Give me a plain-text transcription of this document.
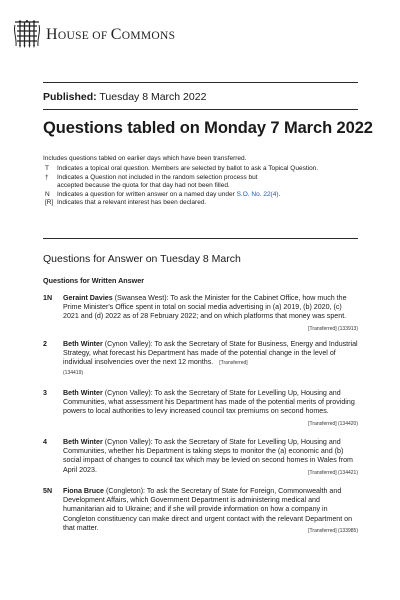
HOUSE OF COMMONS
Published: Tuesday 8 March 2022
Questions tabled on Monday 7 March 2022
Includes questions tabled on earlier days which have been transferred.
T	Indicates a topical oral question. Members are selected by ballot to ask a Topical Question.
†	Indicates a Question not included in the random selection process but
accepted because the quota for that day had not been filled.
N	Indicates a question for written answer on a named day under S.O. No. 22(4).
[R] Indicates that a relevant interest has been declared.
Questions for Answer on Tuesday 8 March
Questions for Written Answer
1N	Geraint Davies (Swansea West): To ask the Minister for the Cabinet Office, how much the Prime Minister's Office spent in total on social media advertising in (a) 2019, (b) 2020, (c) 2021 and (d) 2022 as of 28 February 2022; and on which platforms that money was spent.
[Transferred] (133913)
2	Beth Winter (Cynon Valley): To ask the Secretary of State for Business, Energy and Industrial Strategy, what forecast his Department has made of the potential change in the level of individual insolvencies over the next 12 months. [Transferred]
(134419)
3	Beth Winter (Cynon Valley): To ask the Secretary of State for Levelling Up, Housing and Communities, what assessment his Department has made of the potential merits of providing powers to local authorities to levy increased council tax premiums on second homes.
[Transferred] (134420)
4	Beth Winter (Cynon Valley): To ask the Secretary of State for Levelling Up, Housing and Communities, whether his Department is taking steps to monitor the (a) economic and (b) social impact of changes to council tax which may be levied on second homes in Wales from April 2023.	[Transferred] (134421)
5N	Fiona Bruce (Congleton): To ask the Secretary of State for Foreign, Commonwealth and Development Affairs, which Government Department is administering medical and humanitarian aid to Ukraine; and if she will provide information on how a company in Congleton constituency can make direct and urgent contact with the relevant Department on that matter.	[Transferred] (133985)
